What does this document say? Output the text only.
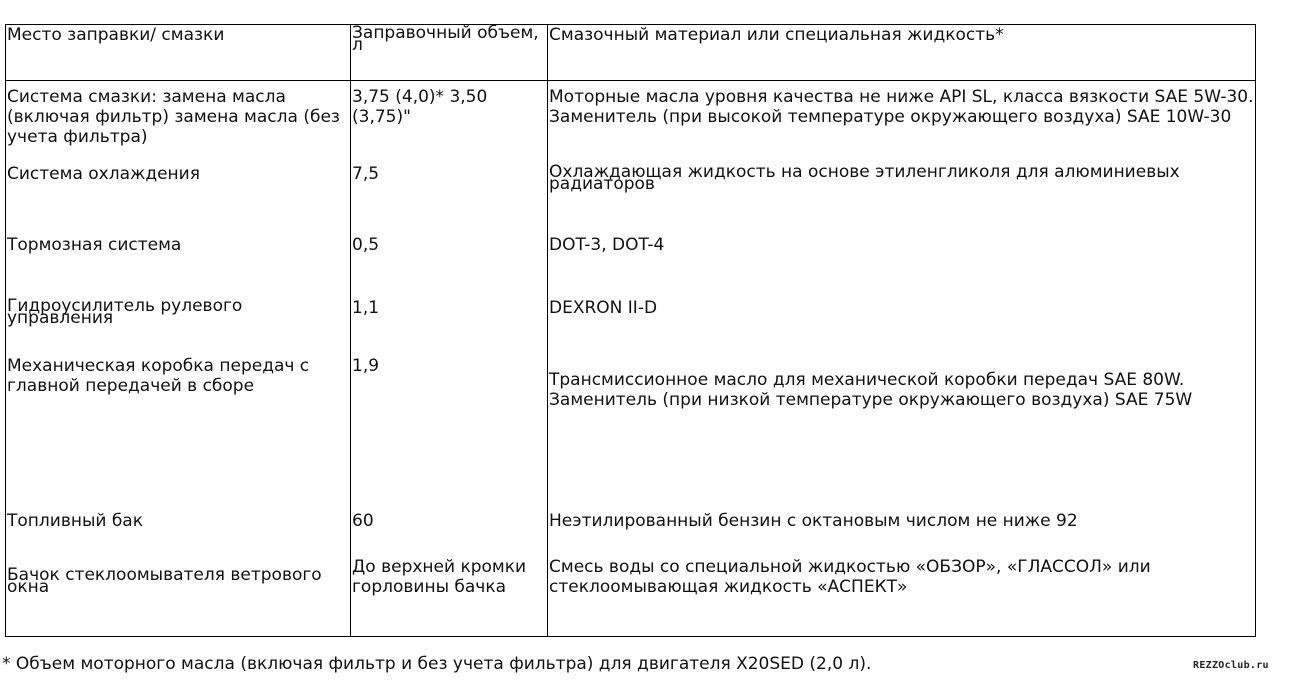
Место заправки/ смазки	Заправочный объем, л	Смазочный материал или специальная жидкость*
Система смазки: замена масла (включая фильтр) замена масла (без учета фильтра)	3,75 (4,0)* 3,50 (3,75)"	Моторные масла уровня качества не ниже API SL, класса вязкости SAE 5W-30. Заменитель (при высокой температуре окружающего воздуха) SAE 10W-30
Система охлаждения	7,5	Охлаждающая жидкость на основе этиленгликоля для алюминиевых радиаторов
Тормозная система	0,5	DOT-3, DOT-4
Гидроусилитель рулевого управления	1,1	DEXRON II-D
Механическая коробка передач с главной передачей в сборе	1,9	Трансмиссионное масло для механической коробки передач SAE 80W. Заменитель (при низкой температуре окружающего воздуха) SAE 75W
Топливный бак	60	Неэтилированный бензин с октановым числом не ниже 92
Бачок стеклоомывателя ветрового окна	До верхней кромки горловины бачка	Смесь воды со специальной жидкостью «ОБЗОР», «ГЛАССОЛ» или стеклоомывающая жидкость «АСПЕКТ»
* Объем моторного масла (включая фильтр и без учета фильтра) для двигателя X20SED (2,0 л).	REZZOclub.ru
